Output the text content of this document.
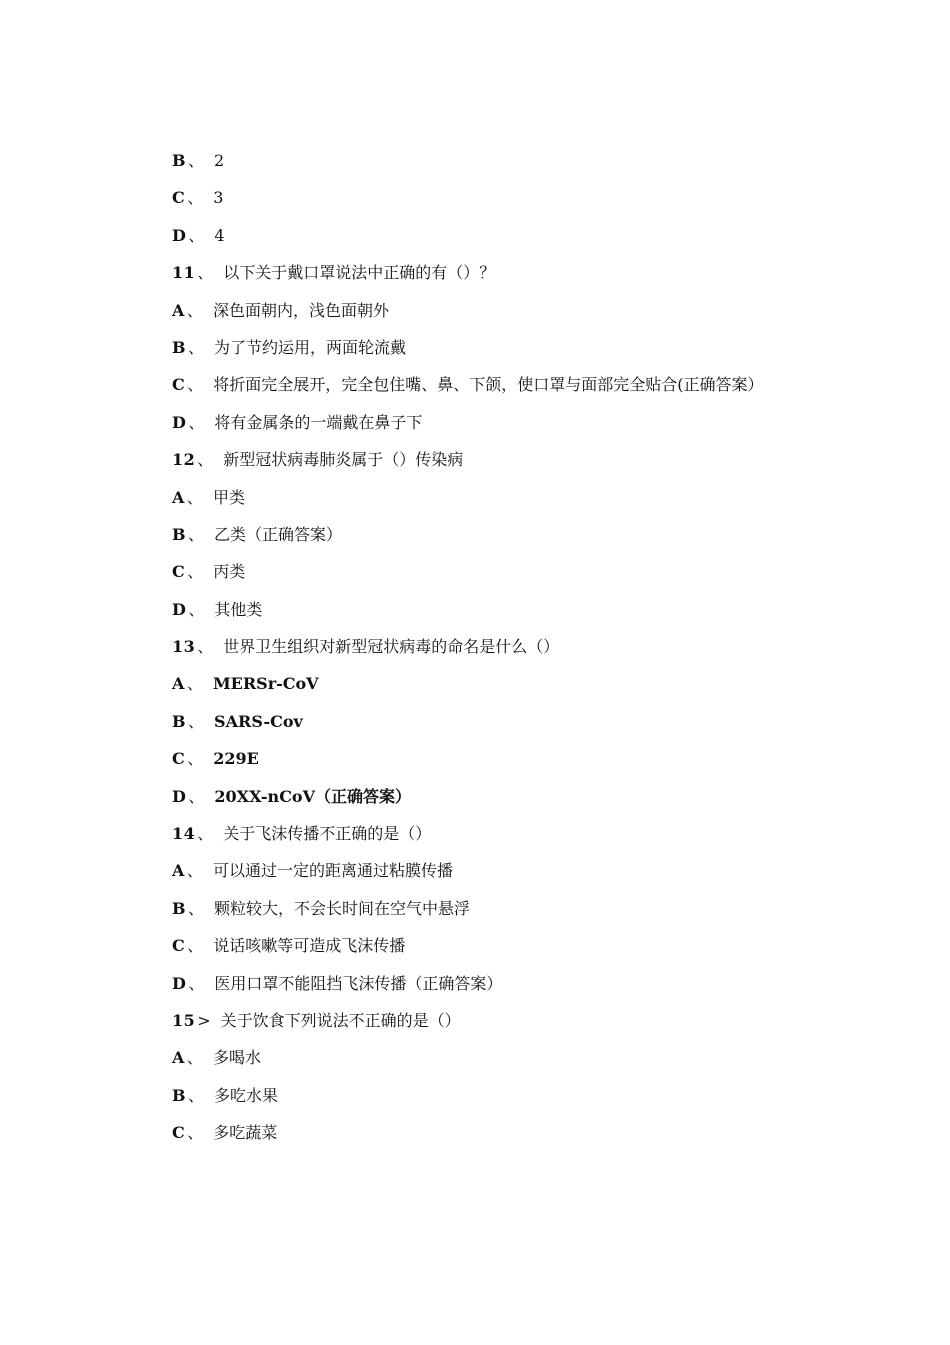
B 、 2
C 、 3
D 、 4
11 、 以下关于戴口罩说法中正确的有（）？
A 、 深色面朝内，浅色面朝外
B 、 为了节约运用，两面轮流戴
C 、 将折面完全展开，完全包住嘴、鼻、下颌，使口罩与面部完全贴合(正确答案）
D 、 将有金属条的一端戴在鼻子下
12 、 新型冠状病毒肺炎属于（）传染病
A 、 甲类
B 、 乙类（正确答案）
C 、 丙类
D 、 其他类
13 、 世界卫生组织对新型冠状病毒的命名是什么（）
A 、 MERSr-CoV
B 、 SARS-Cov
C 、 229E
D 、 20XX-nCoV（正确答案）
14 、 关于飞沫传播不正确的是（）
A 、 可以通过一定的距离通过粘膜传播
B 、 颗粒较大，不会长时间在空气中悬浮
C 、 说话咳嗽等可造成飞沫传播
D 、 医用口罩不能阻挡飞沫传播（正确答案）
15 > 关于饮食下列说法不正确的是（）
A 、 多喝水
B 、 多吃水果
C 、 多吃蔬菜
